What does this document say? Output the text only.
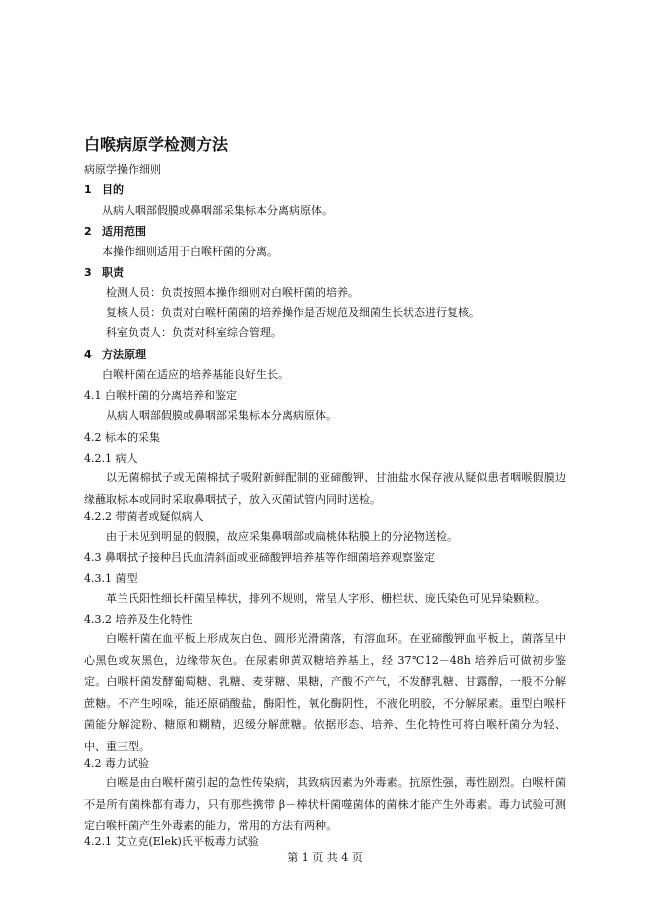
白喉病原学检测方法
病原学操作细则
1 目的
从病人咽部假膜或鼻咽部采集标本分离病原体。
2 适用范围
本操作细则适用于白喉杆菌的分离。
3 职责
检测人员：负责按照本操作细则对白喉杆菌的培养。
复核人员：负责对白喉杆菌菌的培养操作是否规范及细菌生长状态进行复核。
科室负责人：负责对科室综合管理。
4 方法原理
白喉杆菌在适应的培养基能良好生长。
4.1 白喉杆菌的分离培养和鉴定
从病人咽部假膜或鼻咽部采集标本分离病原体。
4.2 标本的采集
4.2.1 病人
以无菌棉拭子或无菌棉拭子吸附新鲜配制的亚碲酸钾、甘油盐水保存液从疑似患者咽喉假膜边缘蘸取标本或同时采取鼻咽拭子，放入灭菌试管内同时送检。
4.2.2 带菌者或疑似病人
由于未见到明显的假膜，故应采集鼻咽部或扁桃体粘膜上的分泌物送检。
4.3 鼻咽拭子接种吕氏血清斜面或亚碲酸钾培养基等作细菌培养观察鉴定
4.3.1 菌型
革兰氏阳性细长杆菌呈棒状，排列不规则，常呈人字形、栅栏状、庞氏染色可见异染颗粒。
4.3.2 培养及生化特性
白喉杆菌在血平板上形成灰白色、圆形光滑菌落，有溶血环。在亚碲酸钾血平板上，菌落呈中心黑色或灰黑色，边缘带灰色。在尿素卵黄双糖培养基上，经 37℃12－48h 培养后可做初步鉴定。白喉杆菌发酵葡萄糖、乳糖、麦芽糖、果糖，产酸不产气，不发酵乳糖、甘露醇，一般不分解蔗糖。不产生吲哚，能还原硝酸盐，酶阳性，氧化酶阴性，不液化明胶，不分解尿素。重型白喉杆菌能分解淀粉、糖原和糊精，迟缓分解蔗糖。依据形态、培养、生化特性可将白喉杆菌分为轻、中、重三型。
4.2 毒力试验
白喉是由白喉杆菌引起的急性传染病，其致病因素为外毒素。抗原性强，毒性剧烈。白喉杆菌不是所有菌株都有毒力，只有那些携带 β－棒状杆菌噬菌体的菌株才能产生外毒素。毒力试验可测定白喉杆菌产生外毒素的能力，常用的方法有两种。
4.2.1 艾立克(Elek)氏平板毒力试验
第 1 页 共 4 页
